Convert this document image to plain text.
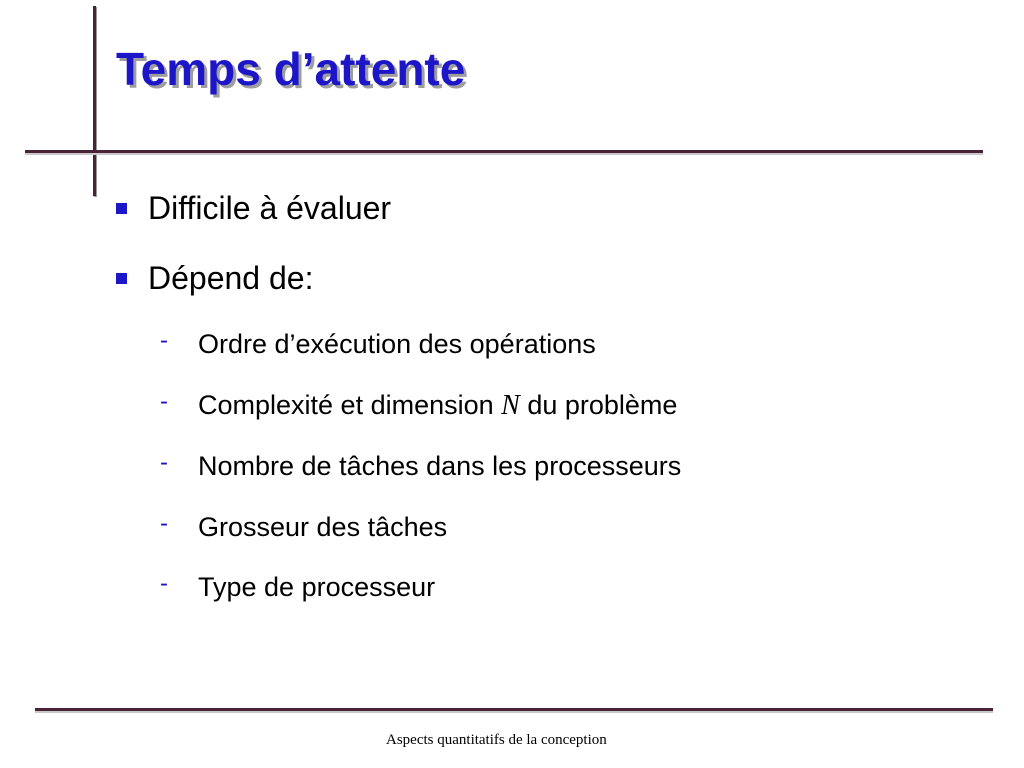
Temps d’attente
Difficile à évaluer
Dépend de:
- Ordre d’exécution des opérations
- Complexité et dimension N du problème
- Nombre de tâches dans les processeurs
- Grosseur des tâches
- Type de processeur
Aspects quantitatifs de la conception
